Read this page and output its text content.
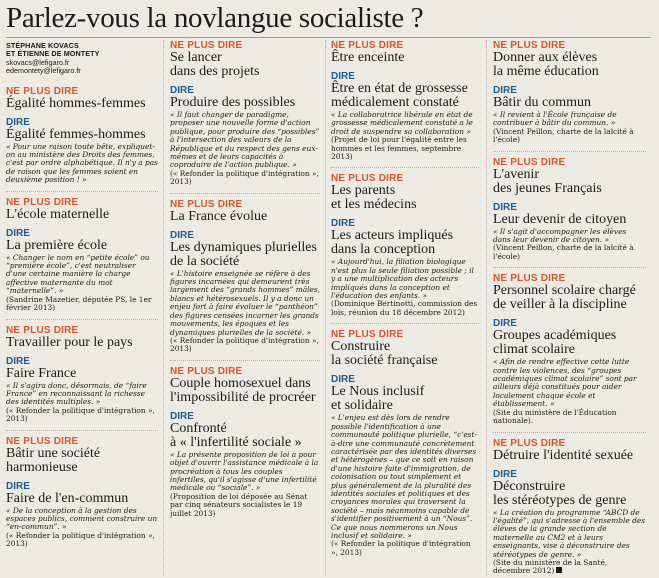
Parlez-vous la novlangue socialiste ?
STÉPHANE KOVACS
ET ÉTIENNE DE MONTETY
skovacs@lefigaro.fr
edemontety@lefigaro.fr
NE PLUS DIRE
Égalité hommes-femmes
DIRE
Égalité femmes-hommes
« Pour une raison toute bête, expliquet-on au ministère des Droits des femmes, c'est par ordre alphabétique. Il n'y a pas de raison que les femmes soient en deuxième position ! »
NE PLUS DIRE
L'école maternelle
DIRE
La première école
« Changer le nom en “petite école” ou “première école”, c'est neutraliser d'une certaine manière la charge affective maternante du mot “maternelle”. »
(Sandrine Mazetier, députée PS, le 1er février 2013)
NE PLUS DIRE
Travailler pour le pays
DIRE
Faire France
« Il s'agira donc, désormais, de “faire France” en reconnaissant la richesse des identités multiples. »
(« Refonder la politique d'intégration », 2013)
NE PLUS DIRE
Bâtir une société
harmonieuse
DIRE
Faire de l'en-commun
« De la conception à la gestion des espaces publics, comment construire un “en-commun”. »
(« Refonder la politique d'intégration », 2013)
NE PLUS DIRE
Se lancer
dans des projets
DIRE
Produire des possibles
« Il faut changer de paradigme, proposer une nouvelle forme d'action publique, pour produire des “possibles” à l'intersection des valeurs de la République et du respect des gens eux-mêmes et de leurs capacités à coproduire de l'action publique. »
(« Refonder la politique d'intégration », 2013)
NE PLUS DIRE
La France évolue
DIRE
Les dynamiques plurielles
de la société
« L'histoire enseignée se réfère à des figures incarnées qui demeurent très largement des “grands hommes” mâles, blancs et hétérosexuels. Il y a donc un enjeu fort à faire évoluer le “panthéon” des figures censées incarner les grands mouvements, les époques et les dynamiques plurielles de la société. »
(« Refonder la politique d'intégration », 2013)
NE PLUS DIRE
Couple homosexuel dans
l'impossibilité de procréer
DIRE
Confronté
à « l'infertilité sociale »
« La présente proposition de loi a pour objet d'ouvrir l'assistance médicale à la procréation à tous les couples infertiles, qu'il s'agisse d'une infertilité médicale ou “sociale”. »
(Proposition de loi déposée au Sénat par cinq sénateurs socialistes le 19 juillet 2013)
NE PLUS DIRE
Être enceinte
DIRE
Être en état de grossesse
médicalement constaté
« La collaboratrice libérale en état de grossesse médicalement constaté a le droit de suspendre sa collaboration »
(Projet de loi pour l'égalité entre les hommes et les femmes, septembre 2013)
NE PLUS DIRE
Les parents
et les médecins
DIRE
Les acteurs impliqués
dans la conception
« Aujourd'hui, la filiation biologique n'est plus la seule filiation possible ; il y a une multiplication des acteurs impliqués dans la conception et l'éducation des enfants. »
(Dominique Bertinotti, commission des lois, réunion du 18 décembre 2012)
NE PLUS DIRE
Construire
la société française
DIRE
Le Nous inclusif
et solidaire
« L'enjeu est dès lors de rendre possible l'identification à une communauté politique plurielle, “c'est-à-dire une communauté concrètement caractérisée par des identités diverses et hétérogènes – que ce soit en raison d'une histoire faite d'immigration, de colonisation ou tout simplement et plus généralement de la pluralité des identités sociales et politiques et des croyances morales qui traversent la société – mais néanmoins capable de s'identifier positivement à un “Nous”. Ce que nous nommerons un Nous inclusif et solidaire. »
(« Refonder la politique d'intégration », 2013)
NE PLUS DIRE
Donner aux élèves
la même éducation
DIRE
Bâtir du commun
« Il revient à l'École française de contribuer à bâtir du commun. »
(Vincent Peillon, charte de la laïcité à l'école)
NE PLUS DIRE
L'avenir
des jeunes Français
DIRE
Leur devenir de citoyen
« Il s'agit d'accompagner les élèves dans leur devenir de citoyen. »
(Vincent Peillon, charte de la laïcité à l'école)
NE PLUS DIRE
Personnel scolaire chargé
de veiller à la discipline
DIRE
Groupes académiques
climat scolaire
« Afin de rendre effective cette lutte contre les violences, des “groupes académiques climat scolaire” sont par ailleurs déjà constitués pour aider localement chaque école et établissement. »
(Site du ministère de l'Éducation nationale).
NE PLUS DIRE
Détruire l'identité sexuée
DIRE
Déconstruire
les stéréotypes de genre
« La création du programme “ABCD de l'égalité”, qui s'adresse à l'ensemble des élèves de la grande section de maternelle au CM2 et à leurs enseignants, vise à déconstruire des stéréotypes de genre. »
(Site du ministère de la Santé, décembre 2012)
